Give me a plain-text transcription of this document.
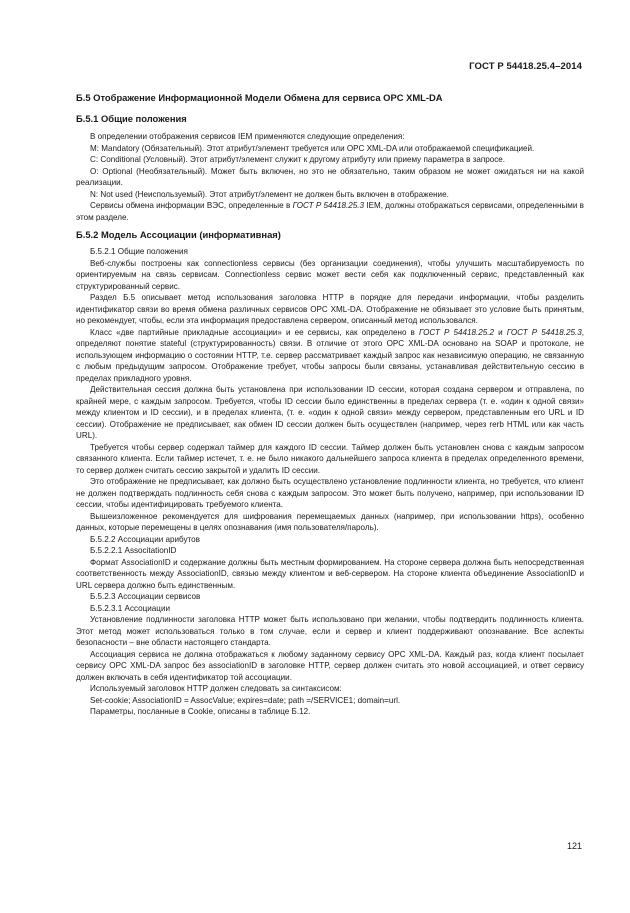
ГОСТ Р 54418.25.4–2014
Б.5 Отображение Информационной Модели Обмена для сервиса OPC XML-DA
Б.5.1 Общие положения

В определении отображения сервисов IEM применяются следующие определения:

M: Mandatory (Обязательный). Этот атрибут/элемент требуется или OPC XML-DA или отображаемой спецификацией.

C: Conditional (Условный). Этот атрибут/элемент служит к другому атрибуту или приему параметра в запросе.

O: Optional (Необязательный). Может быть включен, но это не обязательно, таким образом не может ожидаться ни на какой реализации.

N: Not used (Неиспользуемый). Этот атрибут/элемент не должен быть включен в отображение.

Сервисы обмена информации ВЭС, определенные в ГОСТ Р 54418.25.3 IEM, должны отображаться сервисами, определенными в этом разделе.

Б.5.2 Модель Ассоциации (информативная)

Б.5.2.1 Общие положения

Веб-службы построены как connectionless сервисы (без организации соединения), чтобы улучшить масштабируемость по ориентируемым на связь сервисам. Connectionless сервис может вести себя как подключенный сервис, представленный как структурированный сервис.

Раздел Б.5 описывает метод использования заголовка HTTP в порядке для передачи информации, чтобы разделить идентификатор связи во время обмена различных сервисов OPC XML-DA. Отображение не обязывает это условие быть принятым, но рекомендует, чтобы, если эта информация предоставлена сервером, описанный метод использовался.

Класс «две партийные прикладные ассоциации» и ее сервисы, как определено в ГОСТ Р 54418.25.2 и ГОСТ Р 54418.25.3, определяют понятие stateful (структурированность) связи. В отличие от этого OPC XML-DA основано на SOAP и протоколе, не использующем информацию о состоянии HTTP, т.е. сервер рассматривает каждый запрос как независимую операцию, не связанную с любым предыдущим запросом. Отображение требует, чтобы запросы были связаны, устанавливая действительную сессию в пределах прикладного уровня.

Действительная сессия должна быть установлена при использовании ID сессии, которая создана сервером и отправлена, по крайней мере, с каждым запросом. Требуется, чтобы ID сессии было единственны в пределах сервера (т. е. «один к одной связи» между клиентом и ID сессии), и в пределах клиента, (т. е. «один к одной связи» между сервером, представленным его URL и ID сессии). Отображение не предписывает, как обмен ID сессии должен быть осуществлен (например, через rerb HTML или как часть URL).

Требуется чтобы сервер содержал таймер для каждого ID сессии. Таймер должен быть установлен снова с каждым запросом связанного клиента. Если таймер истечет, т. е. не было никакого дальнейшего запроса клиента в пределах определенного времени, то сервер должен считать сессию закрытой и удалить ID сессии.

Это отображение не предписывает, как должно быть осуществлено установление подлинности клиента, но требуется, что клиент не должен подтверждать подлинность себя снова с каждым запросом. Это может быть получено, например, при использовании ID сессии, чтобы идентифицировать требуемого клиента.

Вышеизложенное рекомендуется для шифрования перемещаемых данных (например, при использовании https), особенно данных, которые перемещены в целях опознавания (имя пользователя/пароль).

Б.5.2.2 Ассоциации арибутов

Б.5.2.2.1 AssocitationID

Формат AssociationID и содержание должны быть местным формированием. На стороне сервера должна быть непосредственная соответственность между AssociationID, связью между клиентом и веб-сервером. На стороне клиента объединение AssociationID и URL сервера должно быть единственным.

Б.5.2.3 Ассоциации сервисов

Б.5.2.3.1 Ассоциации

Установление подлинности заголовка HTTP может быть использовано при желании, чтобы подтвердить подлинность клиента. Этот метод может использоваться только в том случае, если и сервер и клиент поддерживают опознавание. Все аспекты безопасности – вне области настоящего стандарта.

Ассоциация сервиса не должна отображаться к любому заданному сервису OPC XML-DA. Каждый раз, когда клиент посылает сервису OPC XML-DA запрос без associationID в заголовке HTTP, сервер должен считать это новой ассоциацией, и ответ сервису должен включать в себя идентификатор той ассоциации.

Используемый заголовок HTTP должен следовать за синтаксисом:

Set-cookie; AssociationID = AssocValue; expires=date; path =/SERVICE1; domain=url.

Параметры, посланные в Cookie, описаны в таблице Б.12.

121
